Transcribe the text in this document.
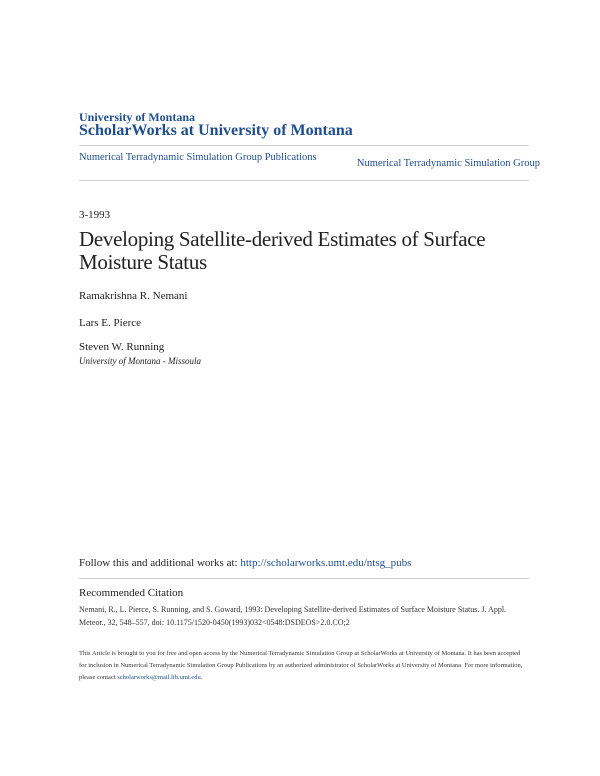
University of Montana
ScholarWorks at University of Montana
Numerical Terradynamic Simulation Group Publications
Numerical Terradynamic Simulation Group
3-1993
Developing Satellite-derived Estimates of Surface Moisture Status
Ramakrishna R. Nemani
Lars E. Pierce
Steven W. Running
University of Montana - Missoula
Follow this and additional works at: http://scholarworks.umt.edu/ntsg_pubs
Recommended Citation
Nemani, R., L. Pierce, S. Running, and S. Goward, 1993: Developing Satellite-derived Estimates of Surface Moisture Status. J. Appl. Meteor., 32, 548–557, doi: 10.1175/1520-0450(1993)032<0548:DSDEOS>2.0.CO;2
This Article is brought to you for free and open access by the Numerical Terradynamic Simulation Group at ScholarWorks at University of Montana. It has been accepted for inclusion in Numerical Terradynamic Simulation Group Publications by an authorized administrator of ScholarWorks at University of Montana. For more information, please contact scholarworks@mail.lib.umt.edu.
